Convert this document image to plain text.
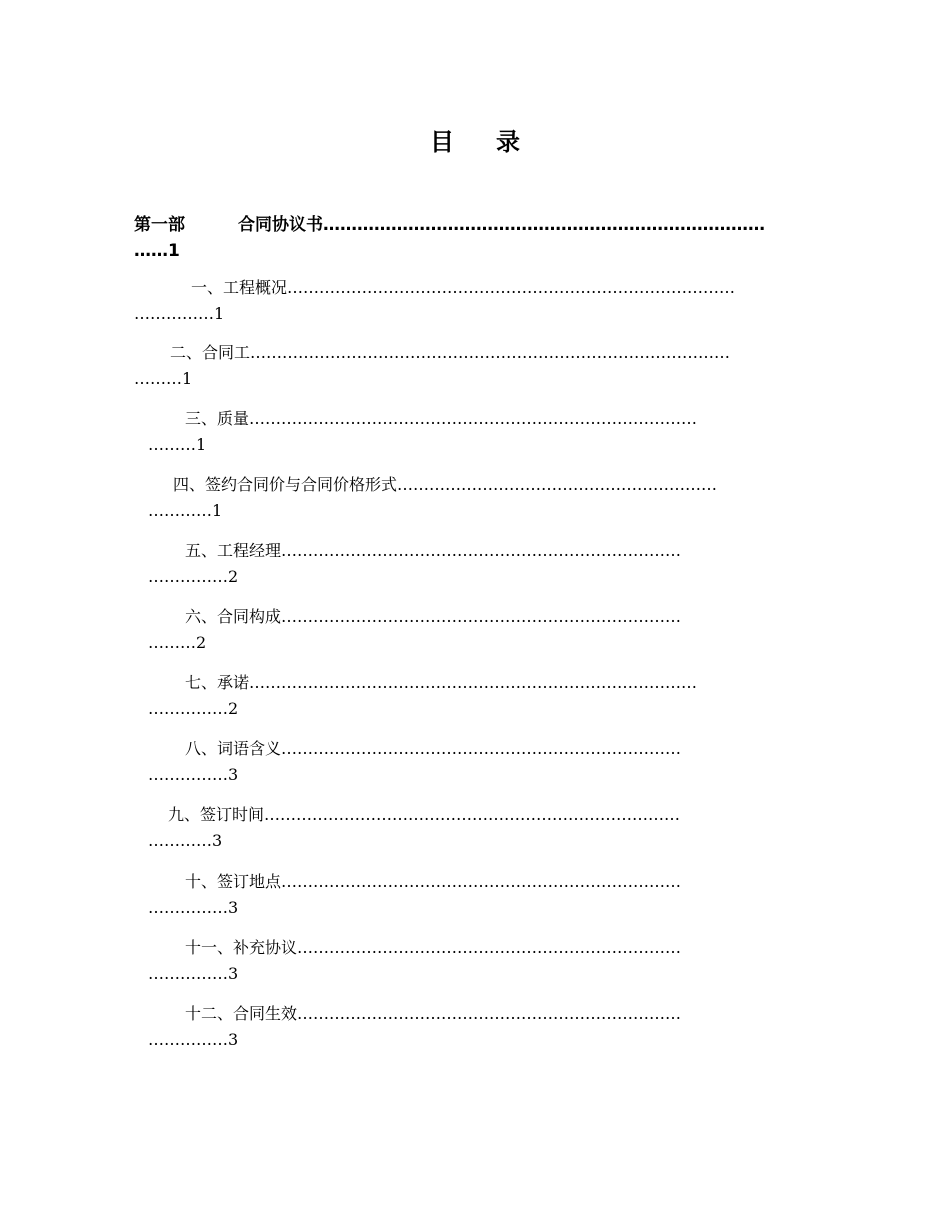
目 录
第一部	合同协议书……………………………………………………………………
……1
一、工程概况…………………………………………………………………………
……………1
二、合同工………………………………………………………………………………
………1
三、质量…………………………………………………………………………
………1
四、签约合同价与合同价格形式……………………………………………………
…………1
五、工程经理…………………………………………………………………
……………2
六、合同构成…………………………………………………………………
………2
七、承诺…………………………………………………………………………
……………2
八、词语含义…………………………………………………………………
……………3
九、签订时间……………………………………………………………………
…………3
十、签订地点…………………………………………………………………
……………3
十一、补充协议………………………………………………………………
……………3
十二、合同生效………………………………………………………………
……………3
